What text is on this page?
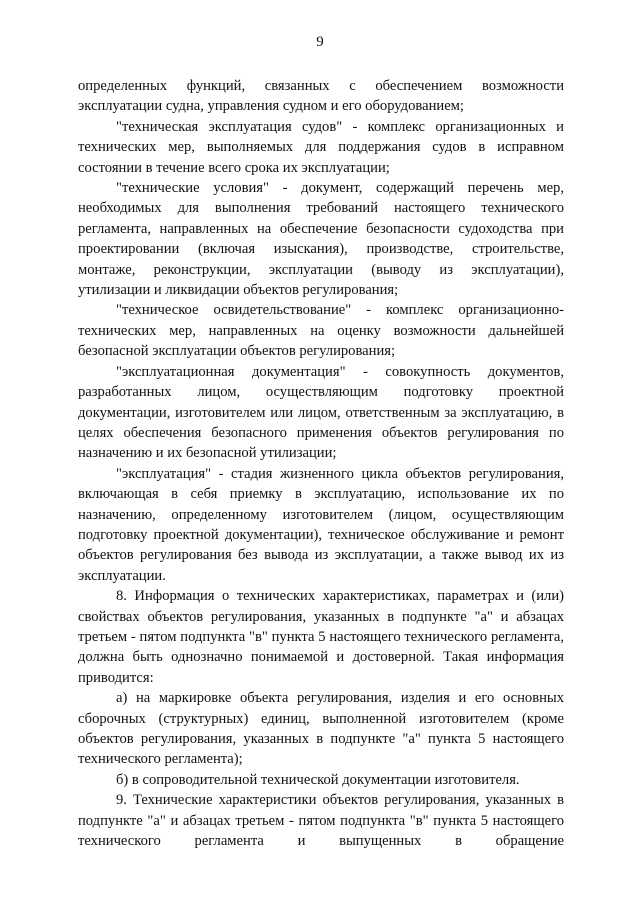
9

определенных функций, связанных с обеспечением возможности эксплуатации судна, управления судном и его оборудованием;

"техническая эксплуатация судов" - комплекс организационных и технических мер, выполняемых для поддержания судов в исправном состоянии в течение всего срока их эксплуатации;

"технические условия" - документ, содержащий перечень мер, необходимых для выполнения требований настоящего технического регламента, направленных на обеспечение безопасности судоходства при проектировании (включая изыскания), производстве, строительстве, монтаже, реконструкции, эксплуатации (выводу из эксплуатации), утилизации и ликвидации объектов регулирования;

"техническое освидетельствование" - комплекс организационно-технических мер, направленных на оценку возможности дальнейшей безопасной эксплуатации объектов регулирования;

"эксплуатационная документация" - совокупность документов, разработанных лицом, осуществляющим подготовку проектной документации, изготовителем или лицом, ответственным за эксплуатацию, в целях обеспечения безопасного применения объектов регулирования по назначению и их безопасной утилизации;

"эксплуатация" - стадия жизненного цикла объектов регулирования, включающая в себя приемку в эксплуатацию, использование их по назначению, определенному изготовителем (лицом, осуществляющим подготовку проектной документации), техническое обслуживание и ремонт объектов регулирования без вывода из эксплуатации, а также вывод их из эксплуатации.

8. Информация о технических характеристиках, параметрах и (или) свойствах объектов регулирования, указанных в подпункте "а" и абзацах третьем - пятом подпункта "в" пункта 5 настоящего технического регламента, должна быть однозначно понимаемой и достоверной. Такая информация приводится:

а) на маркировке объекта регулирования, изделия и его основных сборочных (структурных) единиц, выполненной изготовителем (кроме объектов регулирования, указанных в подпункте "а" пункта 5 настоящего технического регламента);

б) в сопроводительной технической документации изготовителя.

9. Технические характеристики объектов регулирования, указанных в подпункте "а" и абзацах третьем - пятом подпункта "в" пункта 5 настоящего технического регламента и выпущенных в обращение
